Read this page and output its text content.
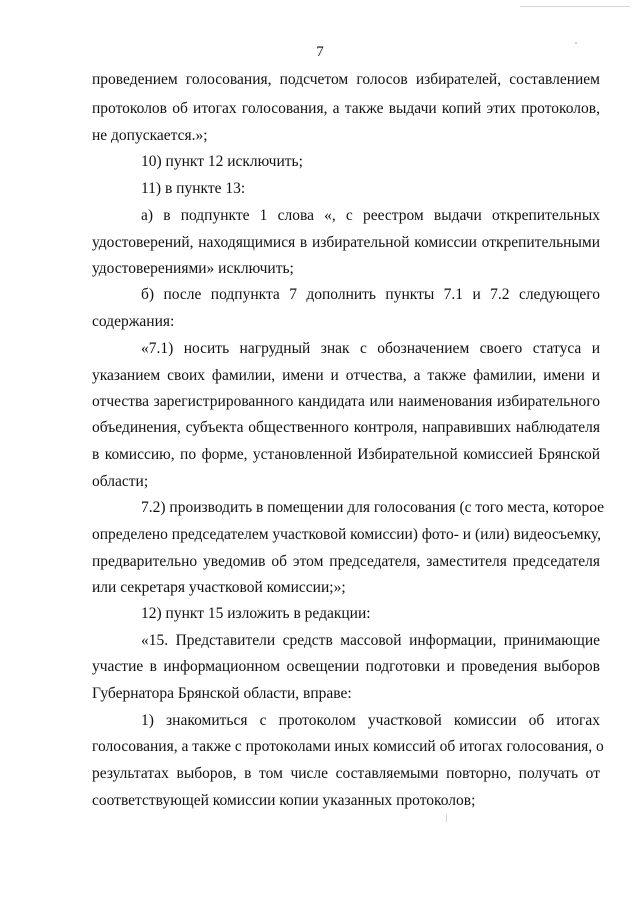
7
проведением голосования, подсчетом голосов избирателей, составлением
протоколов об итогах голосования, а также выдачи копий этих протоколов,
не допускается.»;
10) пункт 12 исключить;
11) в пункте 13:
а) в подпункте 1 слова «, с реестром выдачи открепительных
удостоверений, находящимися в избирательной комиссии открепительными
удостоверениями» исключить;
б) после подпункта 7 дополнить пункты 7.1 и 7.2 следующего
содержания:
«7.1) носить нагрудный знак с обозначением своего статуса и
указанием своих фамилии, имени и отчества, а также фамилии, имени и
отчества зарегистрированного кандидата или наименования избирательного
объединения, субъекта общественного контроля, направивших наблюдателя
в комиссию, по форме, установленной Избирательной комиссией Брянской
области;
7.2) производить в помещении для голосования (с того места, которое
определено председателем участковой комиссии) фото- и (или) видеосъемку,
предварительно уведомив об этом председателя, заместителя председателя
или секретаря участковой комиссии;»;
12) пункт 15 изложить в редакции:
«15. Представители средств массовой информации, принимающие
участие в информационном освещении подготовки и проведения выборов
Губернатора Брянской области, вправе:
1) знакомиться с протоколом участковой комиссии об итогах
голосования, а также с протоколами иных комиссий об итогах голосования, о
результатах выборов, в том числе составляемыми повторно, получать от
соответствующей комиссии копии указанных протоколов;
